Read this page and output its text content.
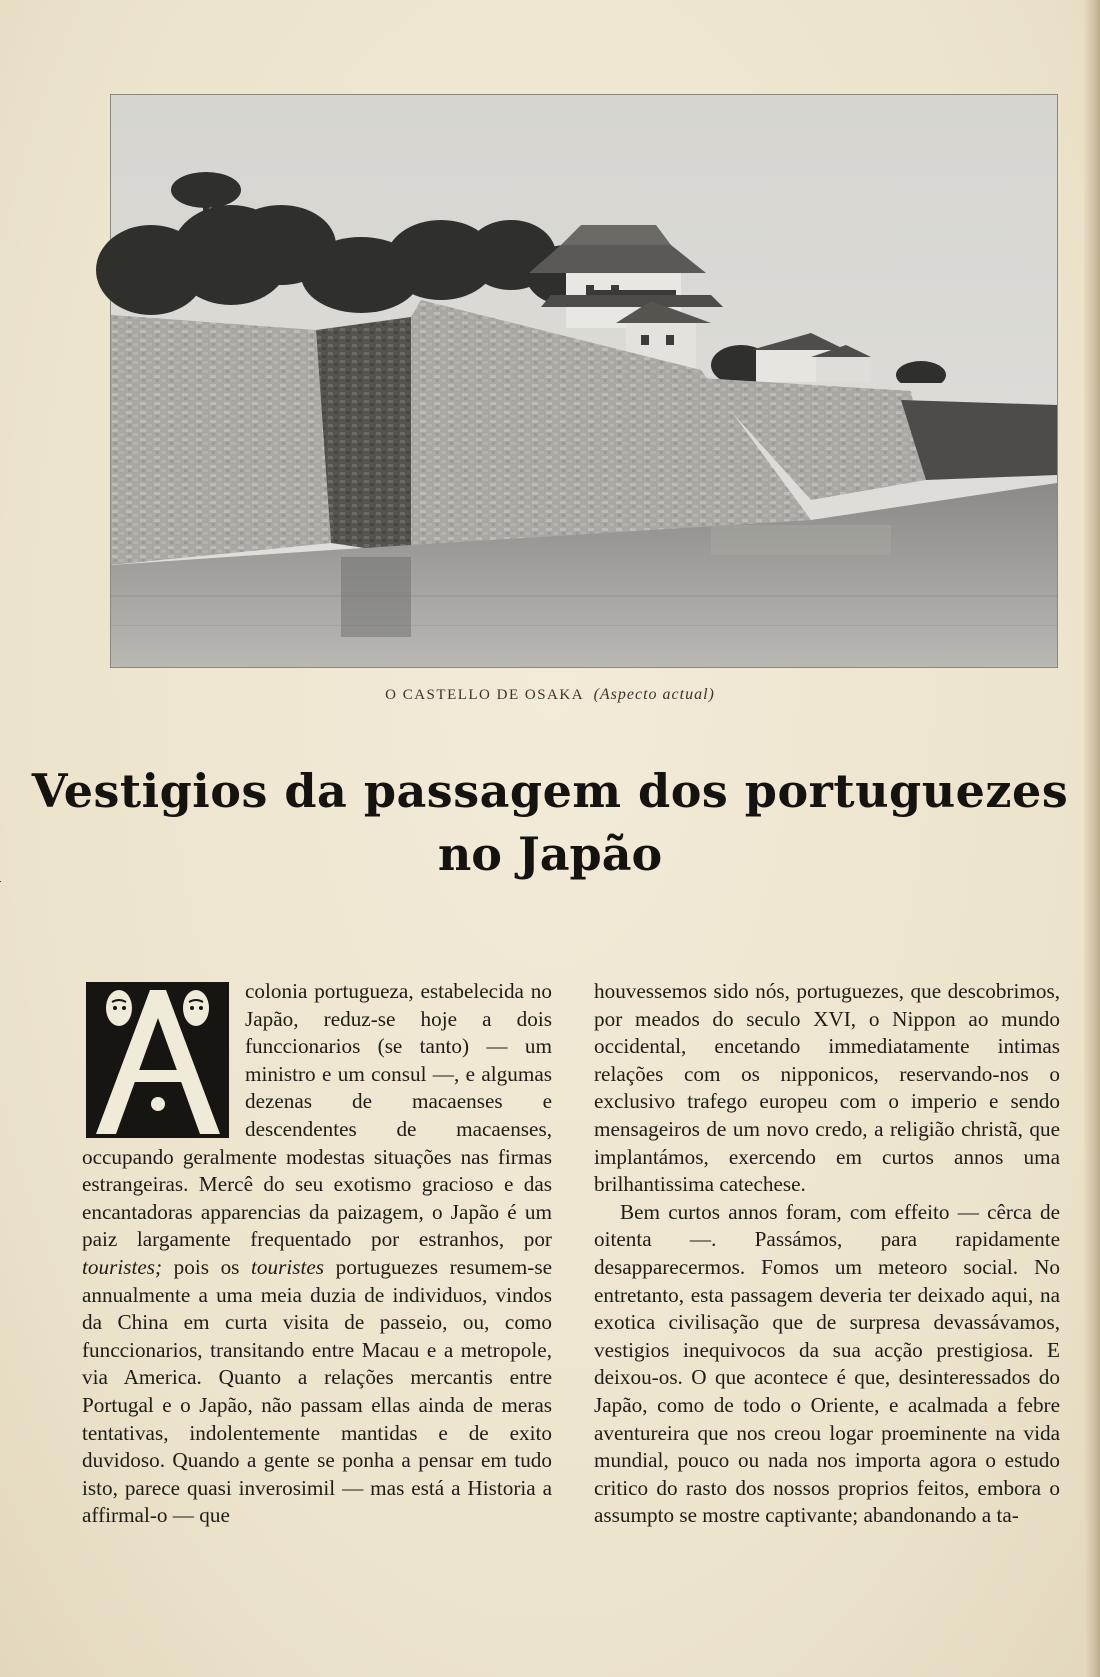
O CASTELLO DE OSAKA (Aspecto actual)
Vestigios da passagem dos portuguezes
no Japão

colonia portugueza, estabelecida no Japão, reduz-se hoje a dois funccionarios (se tanto) — um ministro e um consul —, e algumas dezenas de macaenses e descendentes de macaenses, occupando geralmente modestas situações nas firmas estrangeiras. Mercê do seu exotismo gracioso e das encantadoras apparencias da paizagem, o Japão é um paiz largamente frequentado por estranhos, por touristes; pois os touristes portuguezes resumem-se annualmente a uma meia duzia de individuos, vindos da China em curta visita de passeio, ou, como funccionarios, transitando entre Macau e a metropole, via America. Quanto a relações mercantis entre Portugal e o Japão, não passam ellas ainda de meras tentativas, indolentemente mantidas e de exito duvidoso. Quando a gente se ponha a pensar em tudo isto, parece quasi inverosimil — mas está a Historia a affirmal-o — que

houvessemos sido nós, portuguezes, que descobrimos, por meados do seculo XVI, o Nippon ao mundo occidental, encetando immediatamente intimas relações com os nipponicos, reservando-nos o exclusivo trafego europeu com o imperio e sendo mensageiros de um novo credo, a religião christã, que implantámos, exercendo em curtos annos uma brilhantissima catechese.

Bem curtos annos foram, com effeito — cêrca de oitenta —. Passámos, para rapidamente desapparecermos. Fomos um meteoro social. No entretanto, esta passagem deveria ter deixado aqui, na exotica civilisação que de surpresa devassávamos, vestigios inequivocos da sua acção prestigiosa. E deixou-os. O que acontece é que, desinteressados do Japão, como de todo o Oriente, e acalmada a febre aventureira que nos creou logar proeminente na vida mundial, pouco ou nada nos importa agora o estudo critico do rasto dos nossos proprios feitos, embora o assumpto se mostre captivante; abandonando a ta-
